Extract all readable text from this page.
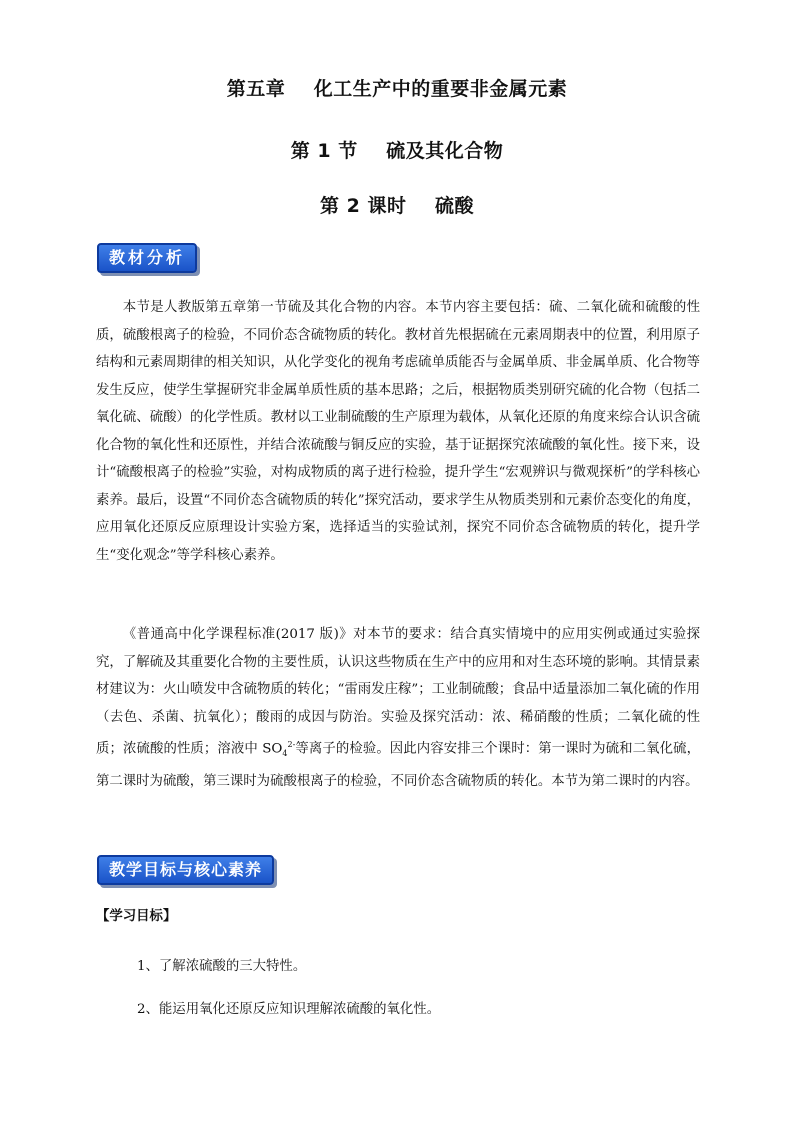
第五章    化工生产中的重要非金属元素
第 1 节    硫及其化合物
第 2 课时    硫酸
教材分析

本节是人教版第五章第一节硫及其化合物的内容。本节内容主要包括：硫、二氧化硫和硫酸的性质，硫酸根离子的检验，不同价态含硫物质的转化。教材首先根据硫在元素周期表中的位置，利用原子结构和元素周期律的相关知识，从化学变化的视角考虑硫单质能否与金属单质、非金属单质、化合物等发生反应，使学生掌握研究非金属单质性质的基本思路；之后，根据物质类别研究硫的化合物（包括二氧化硫、硫酸）的化学性质。教材以工业制硫酸的生产原理为载体，从氧化还原的角度来综合认识含硫化合物的氧化性和还原性，并结合浓硫酸与铜反应的实验，基于证据探究浓硫酸的氧化性。接下来，设计“硫酸根离子的检验”实验，对构成物质的离子进行检验，提升学生“宏观辨识与微观探析”的学科核心素养。最后，设置“不同价态含硫物质的转化”探究活动，要求学生从物质类别和元素价态变化的角度，应用氧化还原反应原理设计实验方案，选择适当的实验试剂，探究不同价态含硫物质的转化，提升学生“变化观念”等学科核心素养。

《普通高中化学课程标准(2017 版)》对本节的要求：结合真实情境中的应用实例或通过实验探究，了解硫及其重要化合物的主要性质，认识这些物质在生产中的应用和对生态环境的影响。其情景素材建议为：火山喷发中含硫物质的转化；“雷雨发庄稼”；工业制硫酸；食品中适量添加二氧化硫的作用（去色、杀菌、抗氧化）；酸雨的成因与防治。实验及探究活动：浓、稀硝酸的性质；二氧化硫的性质；浓硫酸的性质；溶液中 $SO_4^{2-}$等离子的检验。因此内容安排三个课时：第一课时为硫和二氧化硫，第二课时为硫酸，第三课时为硫酸根离子的检验，不同价态含硫物质的转化。本节为第二课时的内容。

教学目标与核心素养
【学习目标】
1、了解浓硫酸的三大特性。
2、能运用氧化还原反应知识理解浓硫酸的氧化性。
